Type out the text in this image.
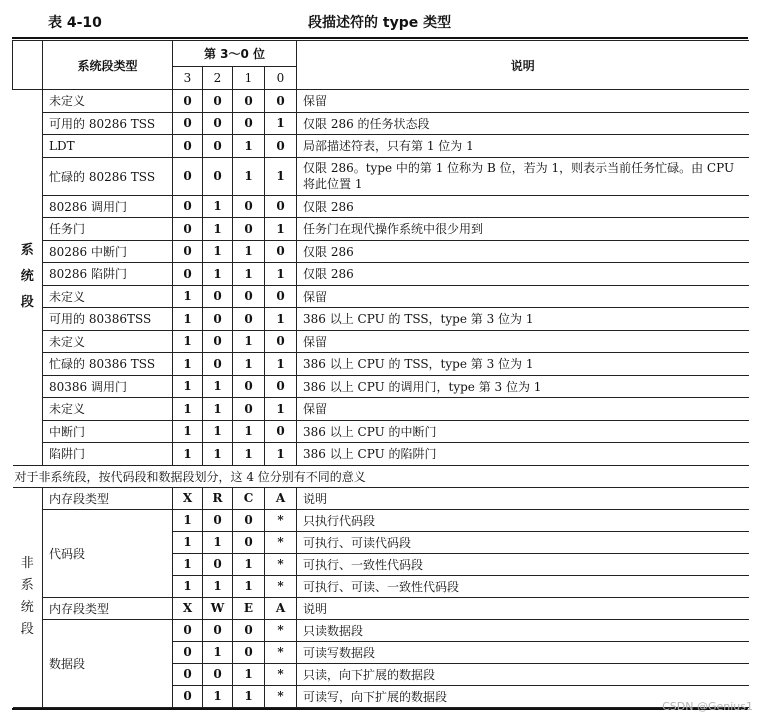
表 4-10	段描述符的 type 类型
	系统段类型	第 3～0 位				说明
		3	2	1	0	

系
统
段	未定义	0	0	0	0	保留
	可用的 80286 TSS	0	0	0	1	仅限 286 的任务状态段
	LDT	0	0	1	0	局部描述符表，只有第 1 位为 1
	忙碌的 80286 TSS	0	0	1	1	仅限 286。type 中的第 1 位称为 B 位，若为 1，则表示当前任务忙碌。由 CPU 将此位置 1
	80286 调用门	0	1	0	0	仅限 286
	任务门	0	1	0	1	任务门在现代操作系统中很少用到
	80286 中断门	0	1	1	0	仅限 286
	80286 陷阱门	0	1	1	1	仅限 286
	未定义	1	0	0	0	保留
	可用的 80386TSS	1	0	0	1	386 以上 CPU 的 TSS，type 第 3 位为 1
	未定义	1	0	1	0	保留
	忙碌的 80386 TSS	1	0	1	1	386 以上 CPU 的 TSS，type 第 3 位为 1
	80386 调用门	1	1	0	0	386 以上 CPU 的调用门，type 第 3 位为 1
	未定义	1	1	0	1	保留
	中断门	1	1	1	0	386 以上 CPU 的中断门
	陷阱门	1	1	1	1	386 以上 CPU 的陷阱门
对于非系统段，按代码段和数据段划分，这 4 位分别有不同的意义						

非
系
统
段	内存段类型	X	R	C	A	说明
	代码段	1	0	0	*	只执行代码段
		1	1	0	*	可执行、可读代码段
		1	0	1	*	可执行、一致性代码段
		1	1	1	*	可执行、可读、一致性代码段
	内存段类型	X	W	E	A	说明
	数据段	0	0	0	*	只读数据段
		0	1	0	*	可读写数据段
		0	0	1	*	只读，向下扩展的数据段
		0	1	1	*	可读写，向下扩展的数据段
CSDN @Genius1
